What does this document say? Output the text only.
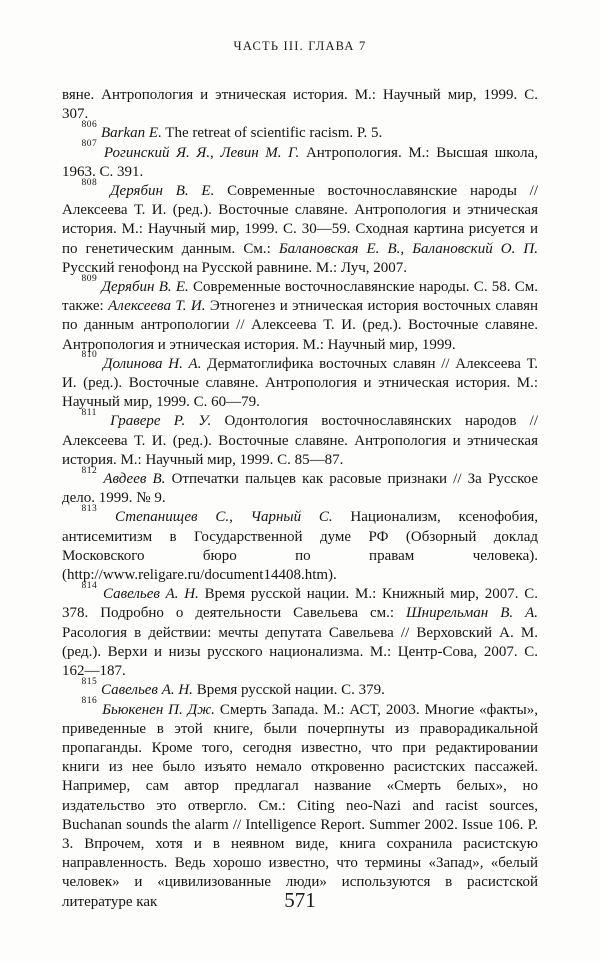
ЧАСТЬ III. ГЛАВА 7

вяне. Антропология и этническая история. М.: Научный мир, 1999. С. 307.

$^{806}$ Barkan E. The retreat of scientific racism. P. 5.

$^{807}$ Рогинский Я. Я., Левин М. Г. Антропология. М.: Высшая школа, 1963. С. 391.

$^{808}$ Дерябин В. Е. Современные восточнославянские народы // Алексеева Т. И. (ред.). Восточные славяне. Антропология и этническая история. М.: Научный мир, 1999. С. 30—59. Сходная картина рисуется и по генетическим данным. См.: Балановская Е. В., Балановский О. П. Русский генофонд на Русской равнине. М.: Луч, 2007.

$^{809}$ Дерябин В. Е. Современные восточнославянские народы. С. 58. См. также: Алексеева Т. И. Этногенез и этническая история восточных славян по данным антропологии // Алексеева Т. И. (ред.). Восточные славяне. Антропология и этническая история. М.: Научный мир, 1999.

$^{810}$ Долинова Н. А. Дерматоглифика восточных славян // Алексеева Т. И. (ред.). Восточные славяне. Антропология и этническая история. М.: Научный мир, 1999. С. 60—79.

$^{811}$ Гравере Р. У. Одонтология восточнославянских народов // Алексеева Т. И. (ред.). Восточные славяне. Антропология и этническая история. М.: Научный мир, 1999. С. 85—87.

$^{812}$ Авдеев В. Отпечатки пальцев как расовые признаки // За Русское дело. 1999. № 9.

$^{813}$ Степанищев С., Чарный С. Национализм, ксенофобия, антисемитизм в Государственной думе РФ (Обзорный доклад Московского бюро по правам человека). (http://www.religare.ru/document14408.htm).

$^{814}$ Савельев А. Н. Время русской нации. М.: Книжный мир, 2007. С. 378. Подробно о деятельности Савельева см.: Шнирельман В. А. Расология в действии: мечты депутата Савельева // Верховский А. М. (ред.). Верхи и низы русского национализма. М.: Центр-Сова, 2007. С. 162—187.

$^{815}$ Савельев А. Н. Время русской нации. С. 379.

$^{816}$ Бьюкенен П. Дж. Смерть Запада. М.: АСТ, 2003. Многие «факты», приведенные в этой книге, были почерпнуты из праворадикальной пропаганды. Кроме того, сегодня известно, что при редактировании книги из нее было изъято немало откровенно расистских пассажей. Например, сам автор предлагал название «Смерть белых», но издательство это отвергло. См.: Citing neo-Nazi and racist sources, Buchanan sounds the alarm // Intelligence Report. Summer 2002. Issue 106. P. 3. Впрочем, хотя и в неявном виде, книга сохранила расистскую направленность. Ведь хорошо известно, что термины «Запад», «белый человек» и «цивилизованные люди» используются в расистской литературе как	571
